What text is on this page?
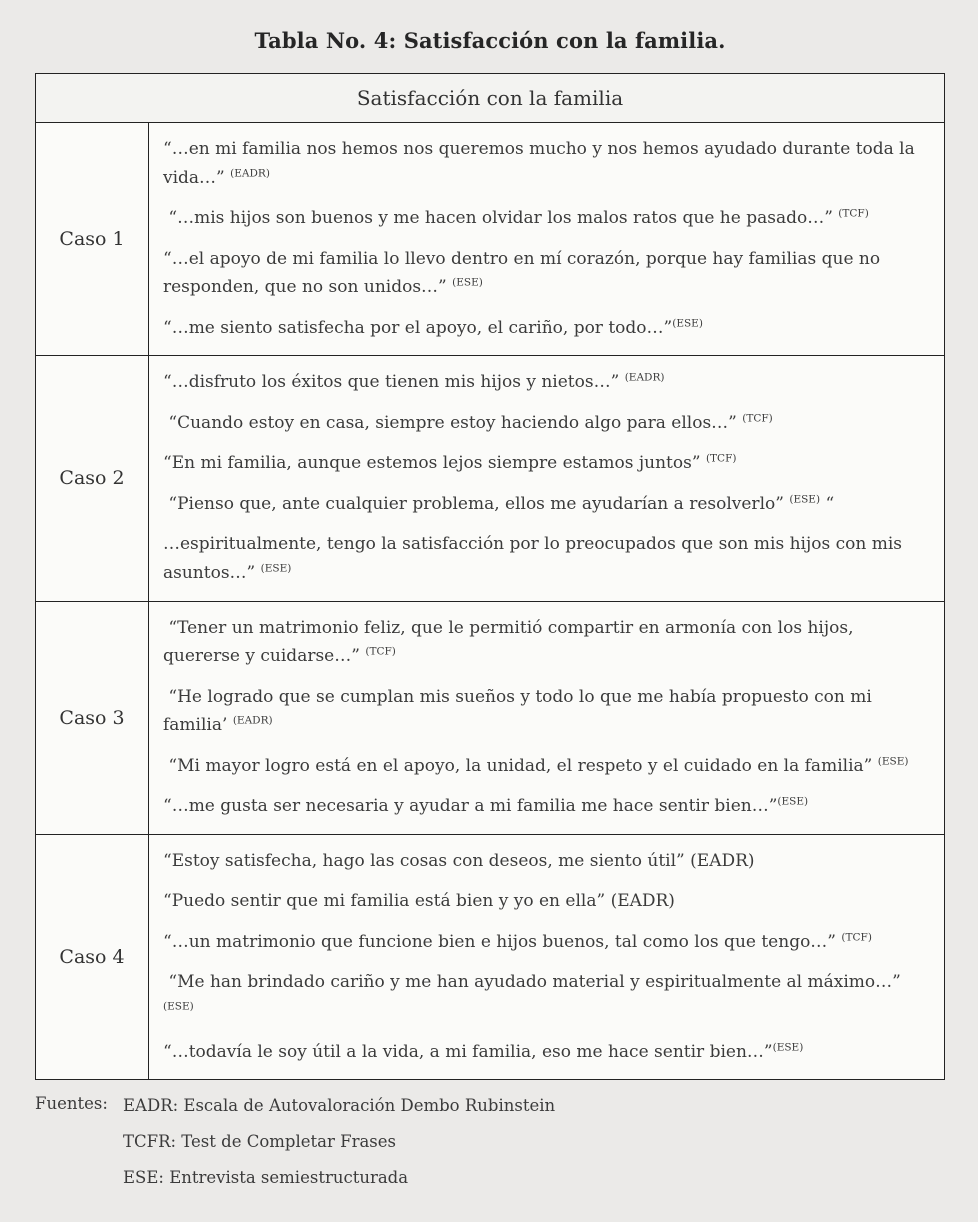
Tabla No. 4: Satisfacción con la familia.
Satisfacción con la familia	
Caso 1	“…en mi familia nos hemos nos queremos mucho y nos hemos ayudado durante toda la vida…” $^{(EADR)}$

“…mis hijos son buenos y me hacen olvidar los malos ratos que he pasado…” $^{(TCF)}$

“…el apoyo de mi familia lo llevo dentro en mí corazón, porque hay familias que no responden, que no son unidos…” $^{(ESE)}$

“…me siento satisfecha por el apoyo, el cariño, por todo…”$^{(ESE)}$

Caso 2	“…disfruto los éxitos que tienen mis hijos y nietos…” $^{(EADR)}$

“Cuando estoy en casa, siempre estoy haciendo algo para ellos…” $^{(TCF)}$

“En mi familia, aunque estemos lejos siempre estamos juntos” $^{(TCF)}$

“Pienso que, ante cualquier problema, ellos me ayudarían a resolverlo” $^{(ESE)}$ “

…espiritualmente, tengo la satisfacción por lo preocupados que son mis hijos con mis asuntos…” $^{(ESE)}$

Caso 3	“Tener un matrimonio feliz, que le permitió compartir en armonía con los hijos, quererse y cuidarse…” $^{(TCF)}$

“He logrado que se cumplan mis sueños y todo lo que me había propuesto con mi familia’ $^{(EADR)}$

“Mi mayor logro está en el apoyo, la unidad, el respeto y el cuidado en la familia” $^{(ESE)}$

“…me gusta ser necesaria y ayudar a mi familia me hace sentir bien…”$^{(ESE)}$

Caso 4	“Estoy satisfecha, hago las cosas con deseos, me siento útil” (EADR)

“Puedo sentir que mi familia está bien y yo en ella” (EADR)

“…un matrimonio que funcione bien e hijos buenos, tal como los que tengo…” $^{(TCF)}$

“Me han brindado cariño y me han ayudado material y espiritualmente al máximo…” $^{(ESE)}$

“…todavía le soy útil a la vida, a mi familia, eso me hace sentir bien…”$^{(ESE)}$

Fuentes: EADR: Escala de Autovaloración Dembo Rubinstein

TCFR: Test de Completar Frases

ESE: Entrevista semiestructurada
